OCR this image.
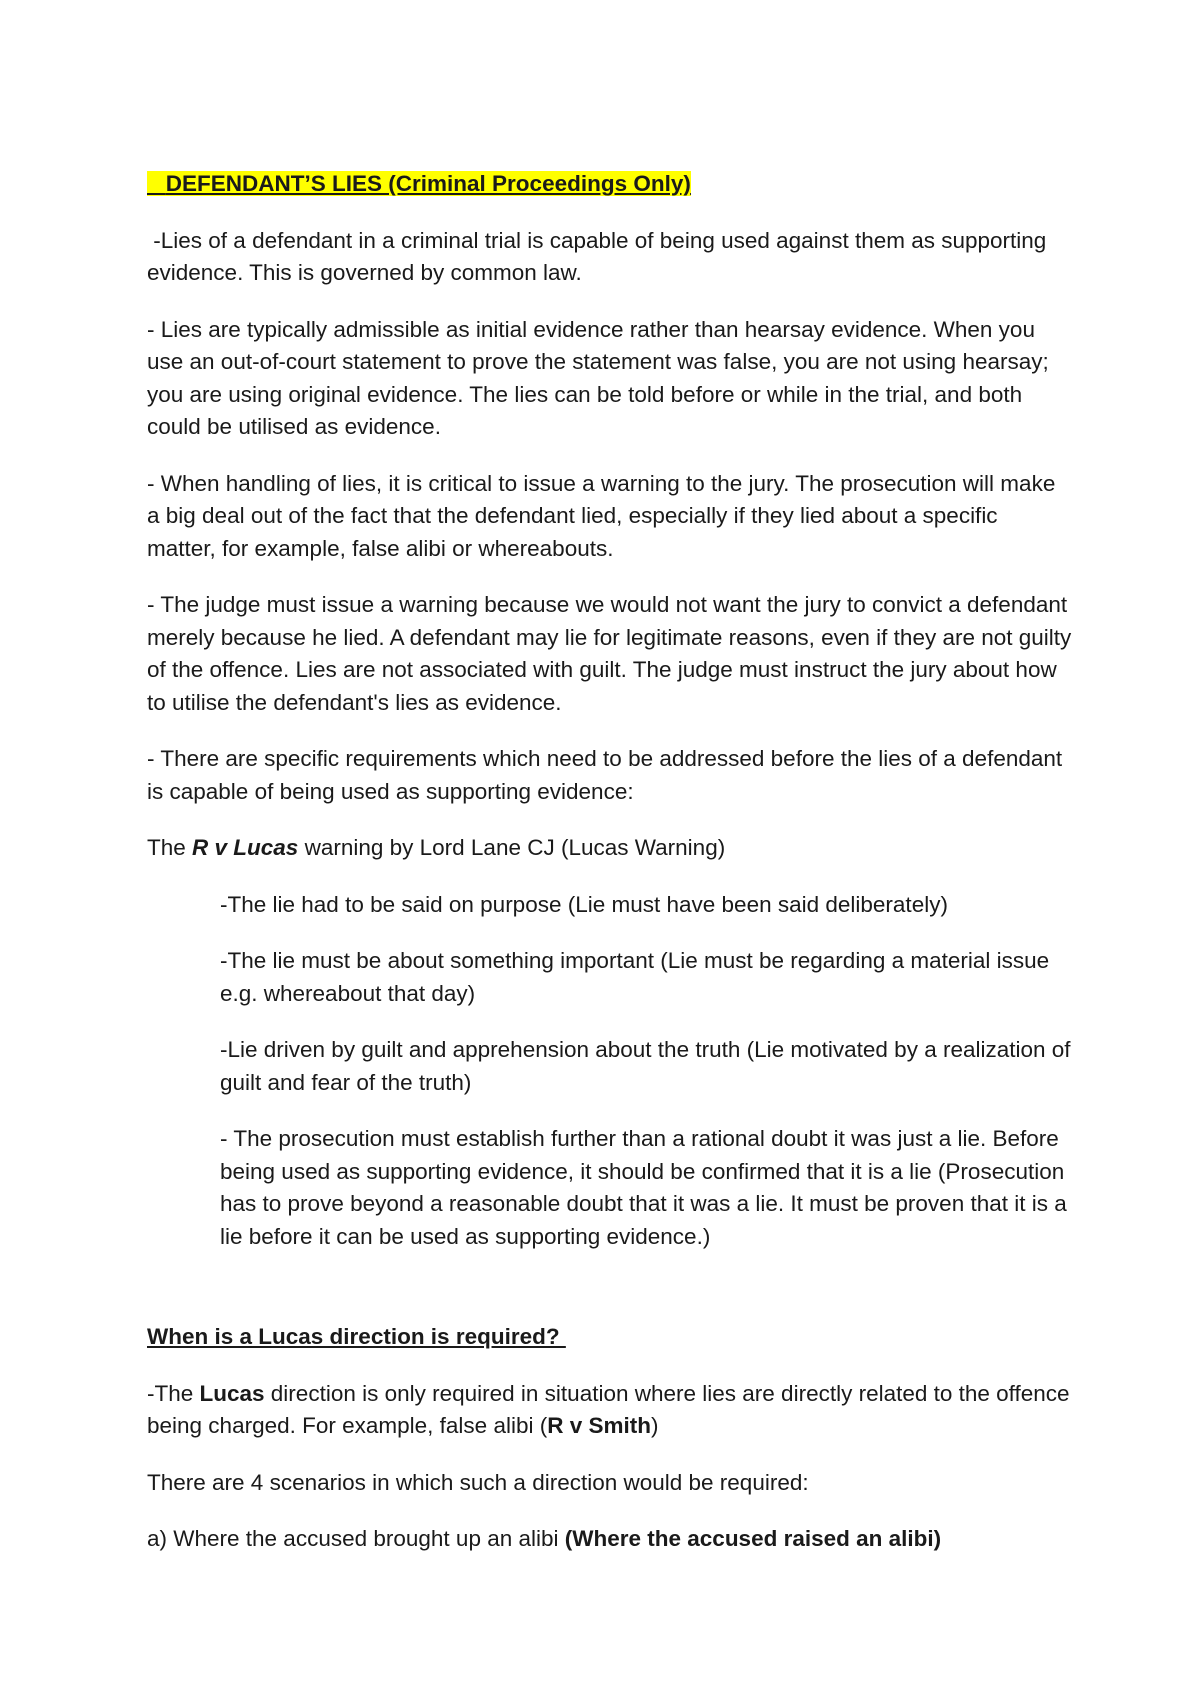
DEFENDANT’S LIES (Criminal Proceedings Only)

-Lies of a defendant in a criminal trial is capable of being used against them as supporting evidence. This is governed by common law.

- Lies are typically admissible as initial evidence rather than hearsay evidence. When you use an out-of-court statement to prove the statement was false, you are not using hearsay; you are using original evidence. The lies can be told before or while in the trial, and both could be utilised as evidence.

- When handling of lies, it is critical to issue a warning to the jury. The prosecution will make a big deal out of the fact that the defendant lied, especially if they lied about a specific matter, for example, false alibi or whereabouts.

- The judge must issue a warning because we would not want the jury to convict a defendant merely because he lied. A defendant may lie for legitimate reasons, even if they are not guilty of the offence. Lies are not associated with guilt. The judge must instruct the jury about how to utilise the defendant's lies as evidence.

- There are specific requirements which need to be addressed before the lies of a defendant is capable of being used as supporting evidence:

The R v Lucas warning by Lord Lane CJ (Lucas Warning)

-The lie had to be said on purpose (Lie must have been said deliberately)

-The lie must be about something important (Lie must be regarding a material issue e.g. whereabout that day)

-Lie driven by guilt and apprehension about the truth (Lie motivated by a realization of guilt and fear of the truth)

- The prosecution must establish further than a rational doubt it was just a lie. Before being used as supporting evidence, it should be confirmed that it is a lie (Prosecution has to prove beyond a reasonable doubt that it was a lie. It must be proven that it is a lie before it can be used as supporting evidence.)

When is a Lucas direction is required?

-The Lucas direction is only required in situation where lies are directly related to the offence being charged. For example, false alibi (R v Smith)

There are 4 scenarios in which such a direction would be required:

a) Where the accused brought up an alibi (Where the accused raised an alibi)
